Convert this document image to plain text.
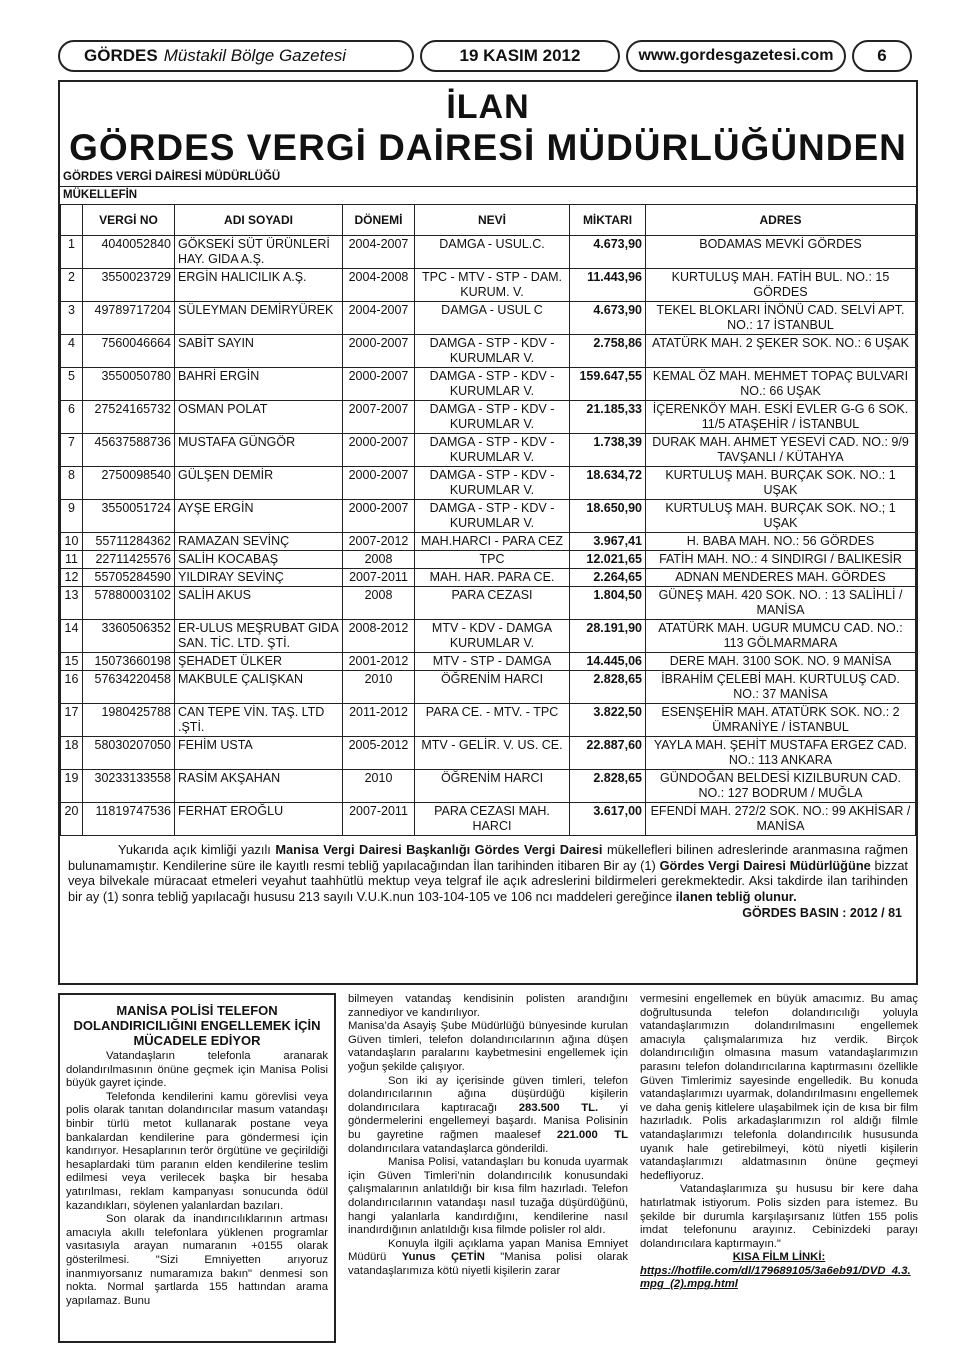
GÖRDES Müstakil Bölge Gazetesi	19 KASIM 2012	www.gordesgazetesi.com	6
İLAN
GÖRDES VERGİ DAİRESİ MÜDÜRLÜĞÜNDEN
GÖRDES VERGİ DAİRESİ MÜDÜRLÜĞÜ
MÜKELLEFİN
	VERGİ NO	ADI SOYADI	DÖNEMİ	NEVİ	MİKTARI	ADRES
1	4040052840	GÖKSEKİ SÜT ÜRÜNLERİ HAY. GIDA A.Ş.	2004-2007	DAMGA - USUL.C.	4.673,90	BODAMAS MEVKİ GÖRDES
2	3550023729	ERGİN HALICILIK A.Ş.	2004-2008	TPC - MTV - STP - DAM. KURUM. V.	11.443,96	KURTULUŞ MAH. FATİH BUL. NO.: 15 GÖRDES
3	49789717204	SÜLEYMAN DEMİRYÜREK	2004-2007	DAMGA - USUL C	4.673,90	TEKEL BLOKLARI İNÖNÜ CAD. SELVİ APT. NO.: 17 İSTANBUL
4	7560046664	SABİT SAYIN	2000-2007	DAMGA - STP - KDV - KURUMLAR V.	2.758,86	ATATÜRK MAH. 2 ŞEKER SOK. NO.: 6 UŞAK
5	3550050780	BAHRİ ERGİN	2000-2007	DAMGA - STP - KDV - KURUMLAR V.	159.647,55	KEMAL ÖZ MAH. MEHMET TOPAÇ BULVARI NO.: 66 UŞAK
6	27524165732	OSMAN POLAT	2007-2007	DAMGA - STP - KDV - KURUMLAR V.	21.185,33	İÇERENKÖY MAH. ESKİ EVLER G-G 6 SOK. 11/5 ATAŞEHİR / İSTANBUL
7	45637588736	MUSTAFA GÜNGÖR	2000-2007	DAMGA - STP - KDV - KURUMLAR V.	1.738,39	DURAK MAH. AHMET YESEVİ CAD. NO.: 9/9 TAVŞANLI / KÜTAHYA
8	2750098540	GÜLŞEN DEMİR	2000-2007	DAMGA - STP - KDV - KURUMLAR V.	18.634,72	KURTULUŞ MAH. BURÇAK SOK. NO.: 1 UŞAK
9	3550051724	AYŞE ERGİN	2000-2007	DAMGA - STP - KDV - KURUMLAR V.	18.650,90	KURTULUŞ MAH. BURÇAK SOK. NO.; 1 UŞAK
10	55711284362	RAMAZAN SEVİNÇ	2007-2012	MAH.HARCI - PARA CEZ	3.967,41	H. BABA MAH. NO.: 56 GÖRDES
11	22711425576	SALİH KOCABAŞ	2008	TPC	12.021,65	FATİH MAH. NO.: 4 SINDIRGI / BALIKESİR
12	55705284590	YILDIRAY SEVİNÇ	2007-2011	MAH. HAR. PARA CE.	2.264,65	ADNAN MENDERES MAH. GÖRDES
13	57880003102	SALİH AKUS	2008	PARA CEZASI	1.804,50	GÜNEŞ MAH. 420 SOK. NO. : 13 SALİHLİ / MANİSA
14	3360506352	ER-ULUS MEŞRUBAT GIDA SAN. TİC. LTD. ŞTİ.	2008-2012	MTV - KDV - DAMGA KURUMLAR V.	28.191,90	ATATÜRK MAH. UGUR MUMCU CAD. NO.: 113 GÖLMARMARA
15	15073660198	ŞEHADET ÜLKER	2001-2012	MTV - STP - DAMGA	14.445,06	DERE MAH. 3100 SOK. NO. 9 MANİSA
16	57634220458	MAKBULE ÇALIŞKAN	2010	ÖĞRENİM HARCI	2.828,65	İBRAHİM ÇELEBİ MAH. KURTULUŞ CAD. NO.: 37 MANİSA
17	1980425788	CAN TEPE VİN. TAŞ. LTD .ŞTİ.	2011-2012	PARA CE. - MTV. - TPC	3.822,50	ESENŞEHİR MAH. ATATÜRK SOK. NO.: 2 ÜMRANİYE / İSTANBUL
18	58030207050	FEHİM USTA	2005-2012	MTV - GELİR. V. US. CE.	22.887,60	YAYLA MAH. ŞEHİT MUSTAFA ERGEZ CAD. NO.: 113 ANKARA
19	30233133558	RASİM AKŞAHAN	2010	ÖĞRENİM HARCI	2.828,65	GÜNDOĞAN BELDESİ KIZILBURUN CAD. NO.: 127 BODRUM / MUĞLA
20	11819747536	FERHAT EROĞLU	2007-2011	PARA CEZASI MAH. HARCI	3.617,00	EFENDİ MAH. 272/2 SOK. NO.: 99 AKHİSAR / MANİSA
Yukarıda açık kimliği yazılı Manisa Vergi Dairesi Başkanlığı Gördes Vergi Dairesi mükellefleri bilinen adreslerinde aranmasına rağmen bulunamamıştır. Kendilerine süre ile kayıtlı resmi tebliğ yapılacağından İlan tarihinden itibaren Bir ay (1) Gördes Vergi Dairesi Müdürlüğüne bizzat veya bilvekale müracaat etmeleri veyahut taahhütlü mektup veya telgraf ile açık adreslerini bildirmeleri gerekmektedir. Aksi takdirde ilan tarihinden bir ay (1) sonra tebliğ yapılacağı hususu 213 sayılı V.U.K.nun 103-104-105 ve 106 ncı maddeleri gereğince ilanen tebliğ olunur.
GÖRDES BASIN : 2012 / 81
MANİSA POLİSİ TELEFON DOLANDIRICILIĞINI ENGELLEMEK İÇİN MÜCADELE EDİYOR

Vatandaşların telefonla aranarak dolandırılmasının önüne geçmek için Manisa Polisi büyük gayret içinde.

Telefonda kendilerini kamu görevlisi veya polis olarak tanıtan dolandırıcılar masum vatandaşı binbir türlü metot kullanarak postane veya bankalardan kendilerine para göndermesi için kandırıyor. Hesaplarının terör örgütüne ve geçirildiği hesaplardaki tüm paranın elden kendilerine teslim edilmesi veya verilecek başka bir hesaba yatırılması, reklam kampanyası sonucunda ödül kazandıkları, söylenen yalanlardan bazıları.

Son olarak da inandırıcılıklarının artması amacıyla akıllı telefonlara yüklenen programlar vasıtasıyla arayan numaranın +0155 olarak gösterilmesi. "Sizi Emniyetten arıyoruz inanmıyorsanız numaramıza bakın" denmesi son nokta. Normal şartlarda 155 hattından arama yapılamaz. Bunu

bilmeyen vatandaş kendisinin polisten arandığını zannediyor ve kandırılıyor.

Manisa’da Asayiş Şube Müdürlüğü bünyesinde kurulan Güven timleri, telefon dolandırıcılarının ağına düşen vatandaşların paralarını kaybetmesini engellemek için yoğun şekilde çalışıyor.

Son iki ay içerisinde güven timleri, telefon dolandırıcılarının ağına düşürdüğü kişilerin dolandırıcılara kaptıracağı 283.500 TL. yi göndermelerini engellemeyi başardı. Manisa Polisinin bu gayretine rağmen maalesef 221.000 TL dolandırıcılara vatandaşlarca gönderildi.

Manisa Polisi, vatandaşları bu konuda uyarmak için Güven Timleri’nin dolandırıcılık konusundaki çalışmalarının anlatıldığı bir kısa film hazırladı. Telefon dolandırıcılarının vatandaşı nasıl tuzağa düşürdüğünü, hangi yalanlarla kandırdığını, kendilerine nasıl inandırdığının anlatıldığı kısa filmde polisler rol aldı.

Konuyla ilgili açıklama yapan Manisa Emniyet Müdürü Yunus ÇETİN "Manisa polisi olarak vatandaşlarımıza kötü niyetli kişilerin zarar

vermesini engellemek en büyük amacımız. Bu amaç doğrultusunda telefon dolandırıcılığı yoluyla vatandaşlarımızın dolandırılmasını engellemek amacıyla çalışmalarımıza hız verdik. Birçok dolandırıcılığın olmasına masum vatandaşlarımızın parasını telefon dolandırıcılarına kaptırmasını özellikle Güven Timlerimiz sayesinde engelledik. Bu konuda vatandaşlarımızı uyarmak, dolandırılmasını engellemek ve daha geniş kitlelere ulaşabilmek için de kısa bir film hazırladık. Polis arkadaşlarımızın rol aldığı filmle vatandaşlarımızı telefonla dolandırıcılık hususunda uyanık hale getirebilmeyi, kötü niyetli kişilerin vatandaşlarımızı aldatmasının önüne geçmeyi hedefliyoruz.

Vatandaşlarımıza şu hususu bir kere daha hatırlatmak istiyorum. Polis sizden para istemez. Bu şekilde bir durumla karşılaşırsanız lütfen 155 polis imdat telefonunu arayınız. Cebinizdeki parayı dolandırıcılara kaptırmayın."

KISA FİLM LİNKİ:
https://hotfile.com/dl/179689105/3a6eb91/DVD_4.3.mpg_(2).mpg.html
